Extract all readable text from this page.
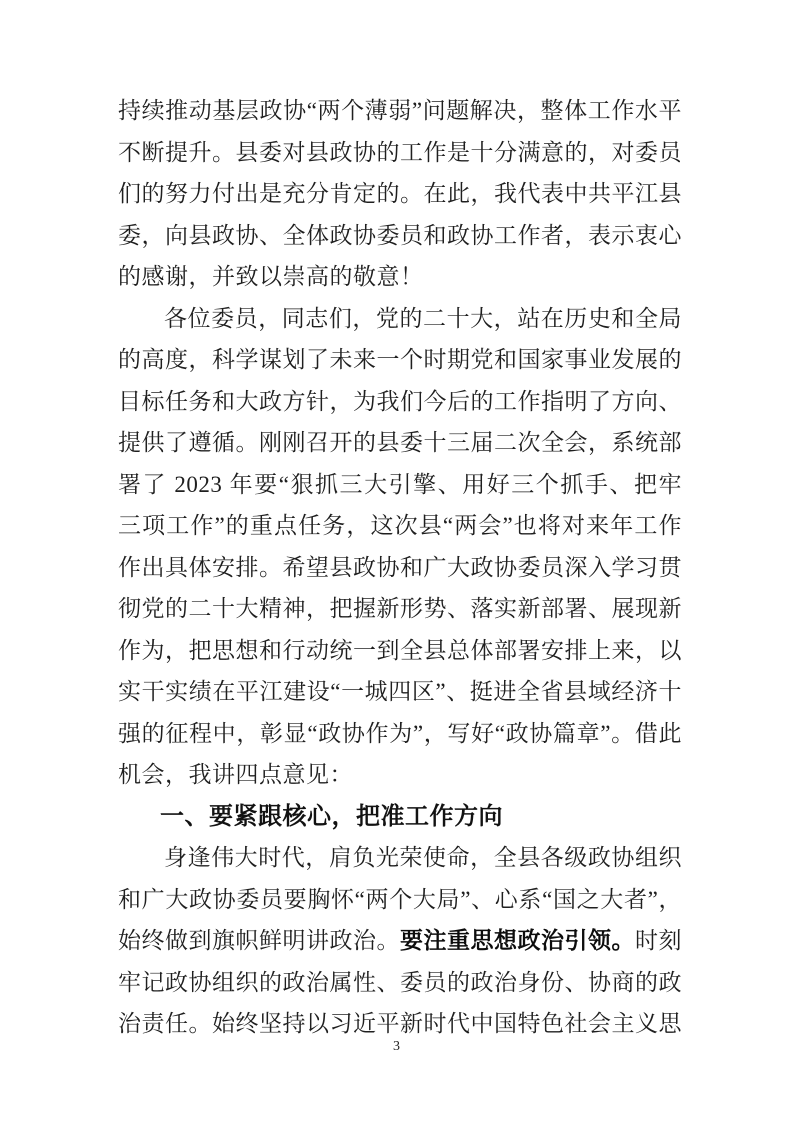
持续推动基层政协“两个薄弱”问题解决，整体工作水平不断提升。县委对县政协的工作是十分满意的，对委员们的努力付出是充分肯定的。在此，我代表中共平江县委，向县政协、全体政协委员和政协工作者，表示衷心的感谢，并致以崇高的敬意！

各位委员，同志们，党的二十大，站在历史和全局的高度，科学谋划了未来一个时期党和国家事业发展的目标任务和大政方针，为我们今后的工作指明了方向、提供了遵循。刚刚召开的县委十三届二次全会，系统部署了 2023 年要“狠抓三大引擎、用好三个抓手、把牢三项工作”的重点任务，这次县“两会”也将对来年工作作出具体安排。希望县政协和广大政协委员深入学习贯彻党的二十大精神，把握新形势、落实新部署、展现新作为，把思想和行动统一到全县总体部署安排上来，以实干实绩在平江建设“一城四区”、挺进全省县域经济十强的征程中，彰显“政协作为”，写好“政协篇章”。借此机会，我讲四点意见：

一、要紧跟核心，把准工作方向

身逢伟大时代，肩负光荣使命，全县各级政协组织和广大政协委员要胸怀“两个大局”、心系“国之大者”，始终做到旗帜鲜明讲政治。要注重思想政治引领。时刻牢记政协组织的政治属性、委员的政治身份、协商的政治责任。始终坚持以习近平新时代中国特色社会主义思

3
